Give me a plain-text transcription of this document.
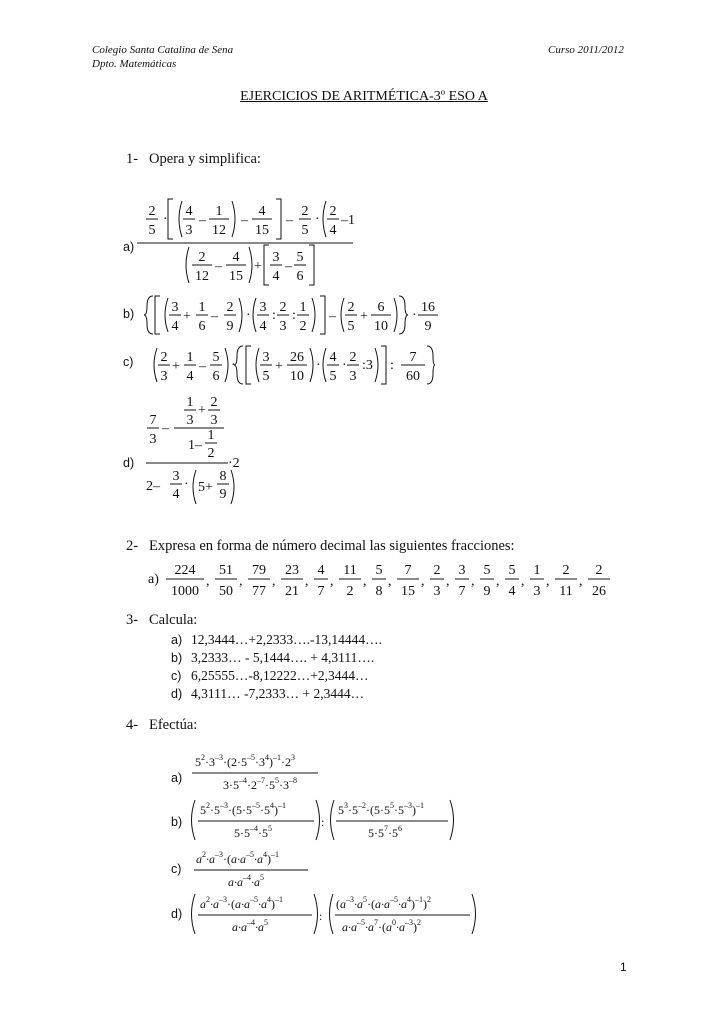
Colegio Santa Catalina de Sena
Dpto. Matemáticas
Curso 2011/2012
EJERCICIOS DE ARITMÉTICA-3º ESO A
1- Opera y simplifica:
a)
b)
c)
d)
2
5
·
4
3
–
1
12
–
4
15
–
2
5
·
2
4
–1
2
12
–
4
15
+
3
4
–
5
6
3
4
+
1
6
–
2
9
·
3
4
:
2
3
:
1
2
–
2
5
+
6
10
·
16
9
2
3
+
1
4
–
5
6
·
3
5
+
26
10
·
4
5
·
2
3
:3 :
7
60
1
3
+
2
3
7
3
–
1–
1
2
·2
2–
3
4
· 5+
8
9
2- Expresa en forma de número decimal las siguientes fracciones:
a)
224
1000
,
51
50
,
79
77
,
23
21
,
4
7
,
11
2
,
5
8
,
7
15
,
2
3
,
3
7
,
5
9
,
5
4
,
1
3
,
2
11
,
2
26
3- Calcula:
a) 12,3444…+2,2333….-13,14444….
b) 3,2333… - 5,1444…. + 4,3111….
c) 6,25555…-8,12222…+2,3444…
d) 4,3111… -7,2333… + 2,3444…
4- Efectúa:
a)
b)
c)
d)
$5^2\cdot 3^{-3}\cdot(2\cdot 5^{-5}\cdot 3^4)^{-1}\cdot 2^3$
$3\cdot 5^{-4}\cdot 2^{-7}\cdot 5^5\cdot 3^{-8}$
$5^2\cdot 5^{-3}\cdot(5\cdot 5^{-5}\cdot 5^4)^{-1}$
$5\cdot 5^{-4}\cdot 5^5$	:
$5^3\cdot 5^{-2}\cdot(5\cdot 5^5\cdot 5^{-3})^{-1}$
$5\cdot 5^7\cdot 5^6$
$a^2\cdot a^{-3}\cdot(a\cdot a^{-5}\cdot a^4)^{-1}$
$a\cdot a^{-4}\cdot a^5$
$a^2\cdot a^{-3}\cdot(a\cdot a^{-5}\cdot a^4)^{-1}$
$a\cdot a^{-4}\cdot a^5$	:
$(a^{-3}\cdot a^5\cdot(a\cdot a^{-5}\cdot a^4)^{-1})^2$
$a\cdot a^{-5}\cdot a^7\cdot(a^0\cdot a^{-3})^2$
1
